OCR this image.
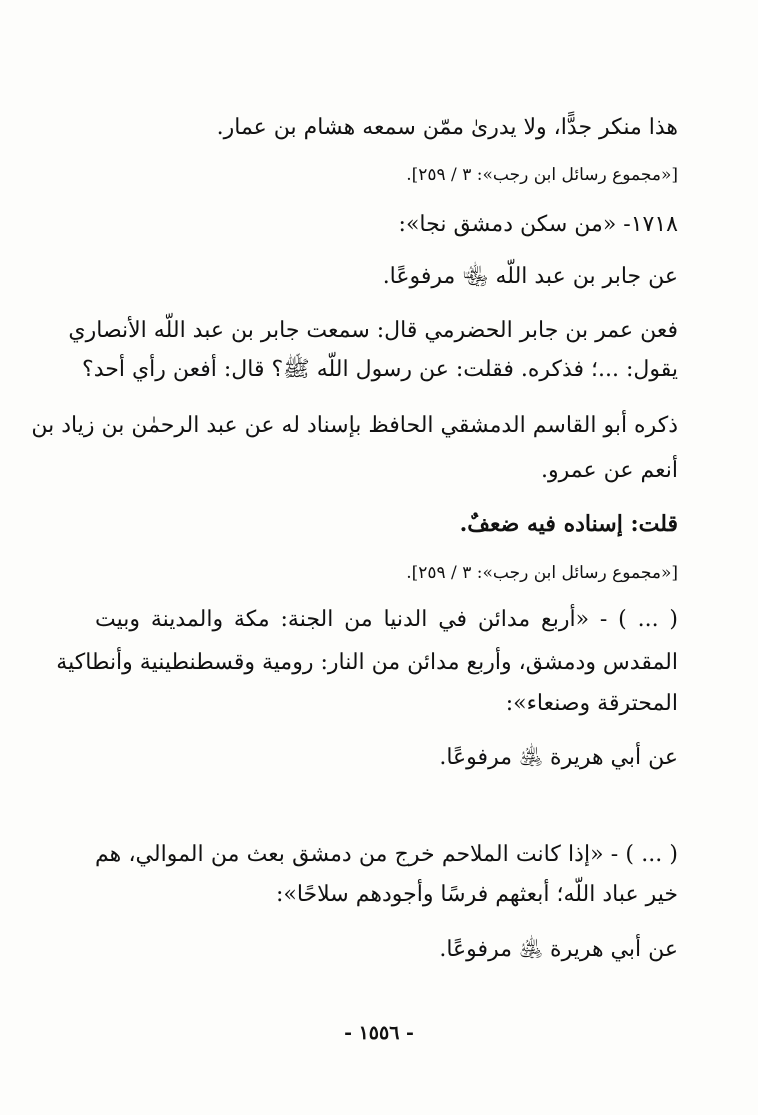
هذا منكر جدًّا، ولا يدرىٰ ممّن سمعه هشام بن عمار.
[«مجموع رسائل ابن رجب»: ٣ / ٢٥٩].
١٧١٨- «من سكن دمشق نجا»:
عن جابر بن عبد اللّه ﵄ مرفوعًا.
فعن عمر بن جابر الحضرمي قال: سمعت جابر بن عبد اللّه الأنصاري
يقول: ...؛ فذكره. فقلت: عن رسول اللّه ﷺ؟ قال: أفعن رأي أحد؟
ذكره أبو القاسم الدمشقي الحافظ بإسناد له عن عبد الرحمٰن بن زياد بن
أنعم عن عمرو.
قلت: إسناده فيه ضعفٌ.
[«مجموع رسائل ابن رجب»: ٣ / ٢٥٩].
( ... ) - «أربع مدائن في الدنيا من الجنة: مكة والمدينة وبيت
المقدس ودمشق، وأربع مدائن من النار: رومية وقسطنطينية وأنطاكية
المحترقة وصنعاء»:
عن أبي هريرة ﵁ مرفوعًا.
( ... ) - «إذا كانت الملاحم خرج من دمشق بعث من الموالي، هم
خير عباد اللّه؛ أبعثهم فرسًا وأجودهم سلاحًا»:
عن أبي هريرة ﵁ مرفوعًا.
- ١٥٥٦ -
